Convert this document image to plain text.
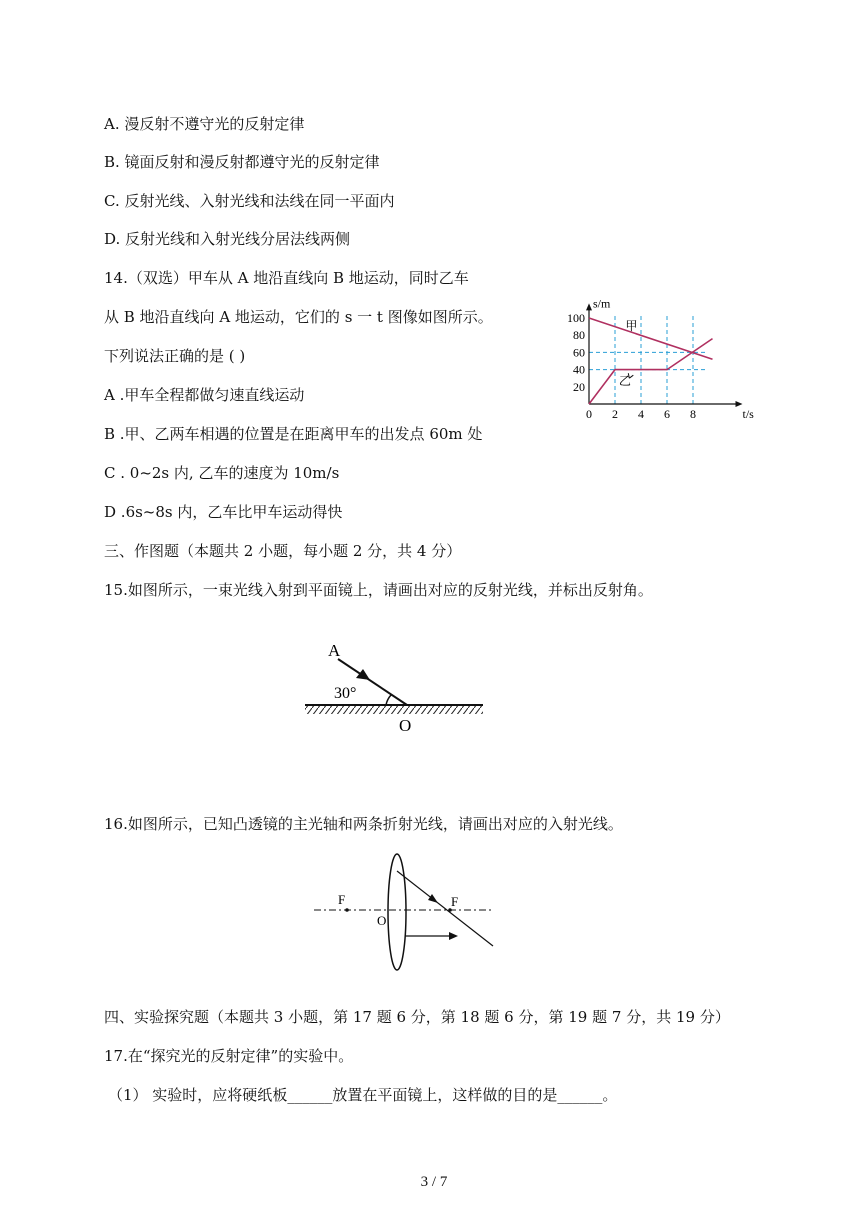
A. 漫反射不遵守光的反射定律
B. 镜面反射和漫反射都遵守光的反射定律
C. 反射光线、入射光线和法线在同一平面内
D. 反射光线和入射光线分居法线两侧
14.（双选）甲车从 A 地沿直线向 B 地运动，同时乙车
从 B 地沿直线向 A 地运动，它们的 s 一 t 图像如图所示。
下列说法正确的是 ( )
A .甲车全程都做匀速直线运动
B .甲、乙两车相遇的位置是在距离甲车的出发点 60m 处
C . 0~2s 内, 乙车的速度为 10m/s
D .6s~8s 内，乙车比甲车运动得快
0 2 4 6 8
20
40
60
80
100
t/s
s/m
甲
乙
三、作图题（本题共 2 小题，每小题 2 分，共 4 分）
15.如图所示，一束光线入射到平面镜上，请画出对应的反射光线，并标出反射角。
A
30°
O
16.如图所示，已知凸透镜的主光轴和两条折射光线，请画出对应的入射光线。
F	F
O
四、实验探究题（本题共 3 小题，第 17 题 6 分，第 18 题 6 分，第 19 题 7 分，共 19 分）
17.在“探究光的反射定律”的实验中。
（1） 实验时，应将硬纸板______放置在平面镜上，这样做的目的是______。
3 / 7
